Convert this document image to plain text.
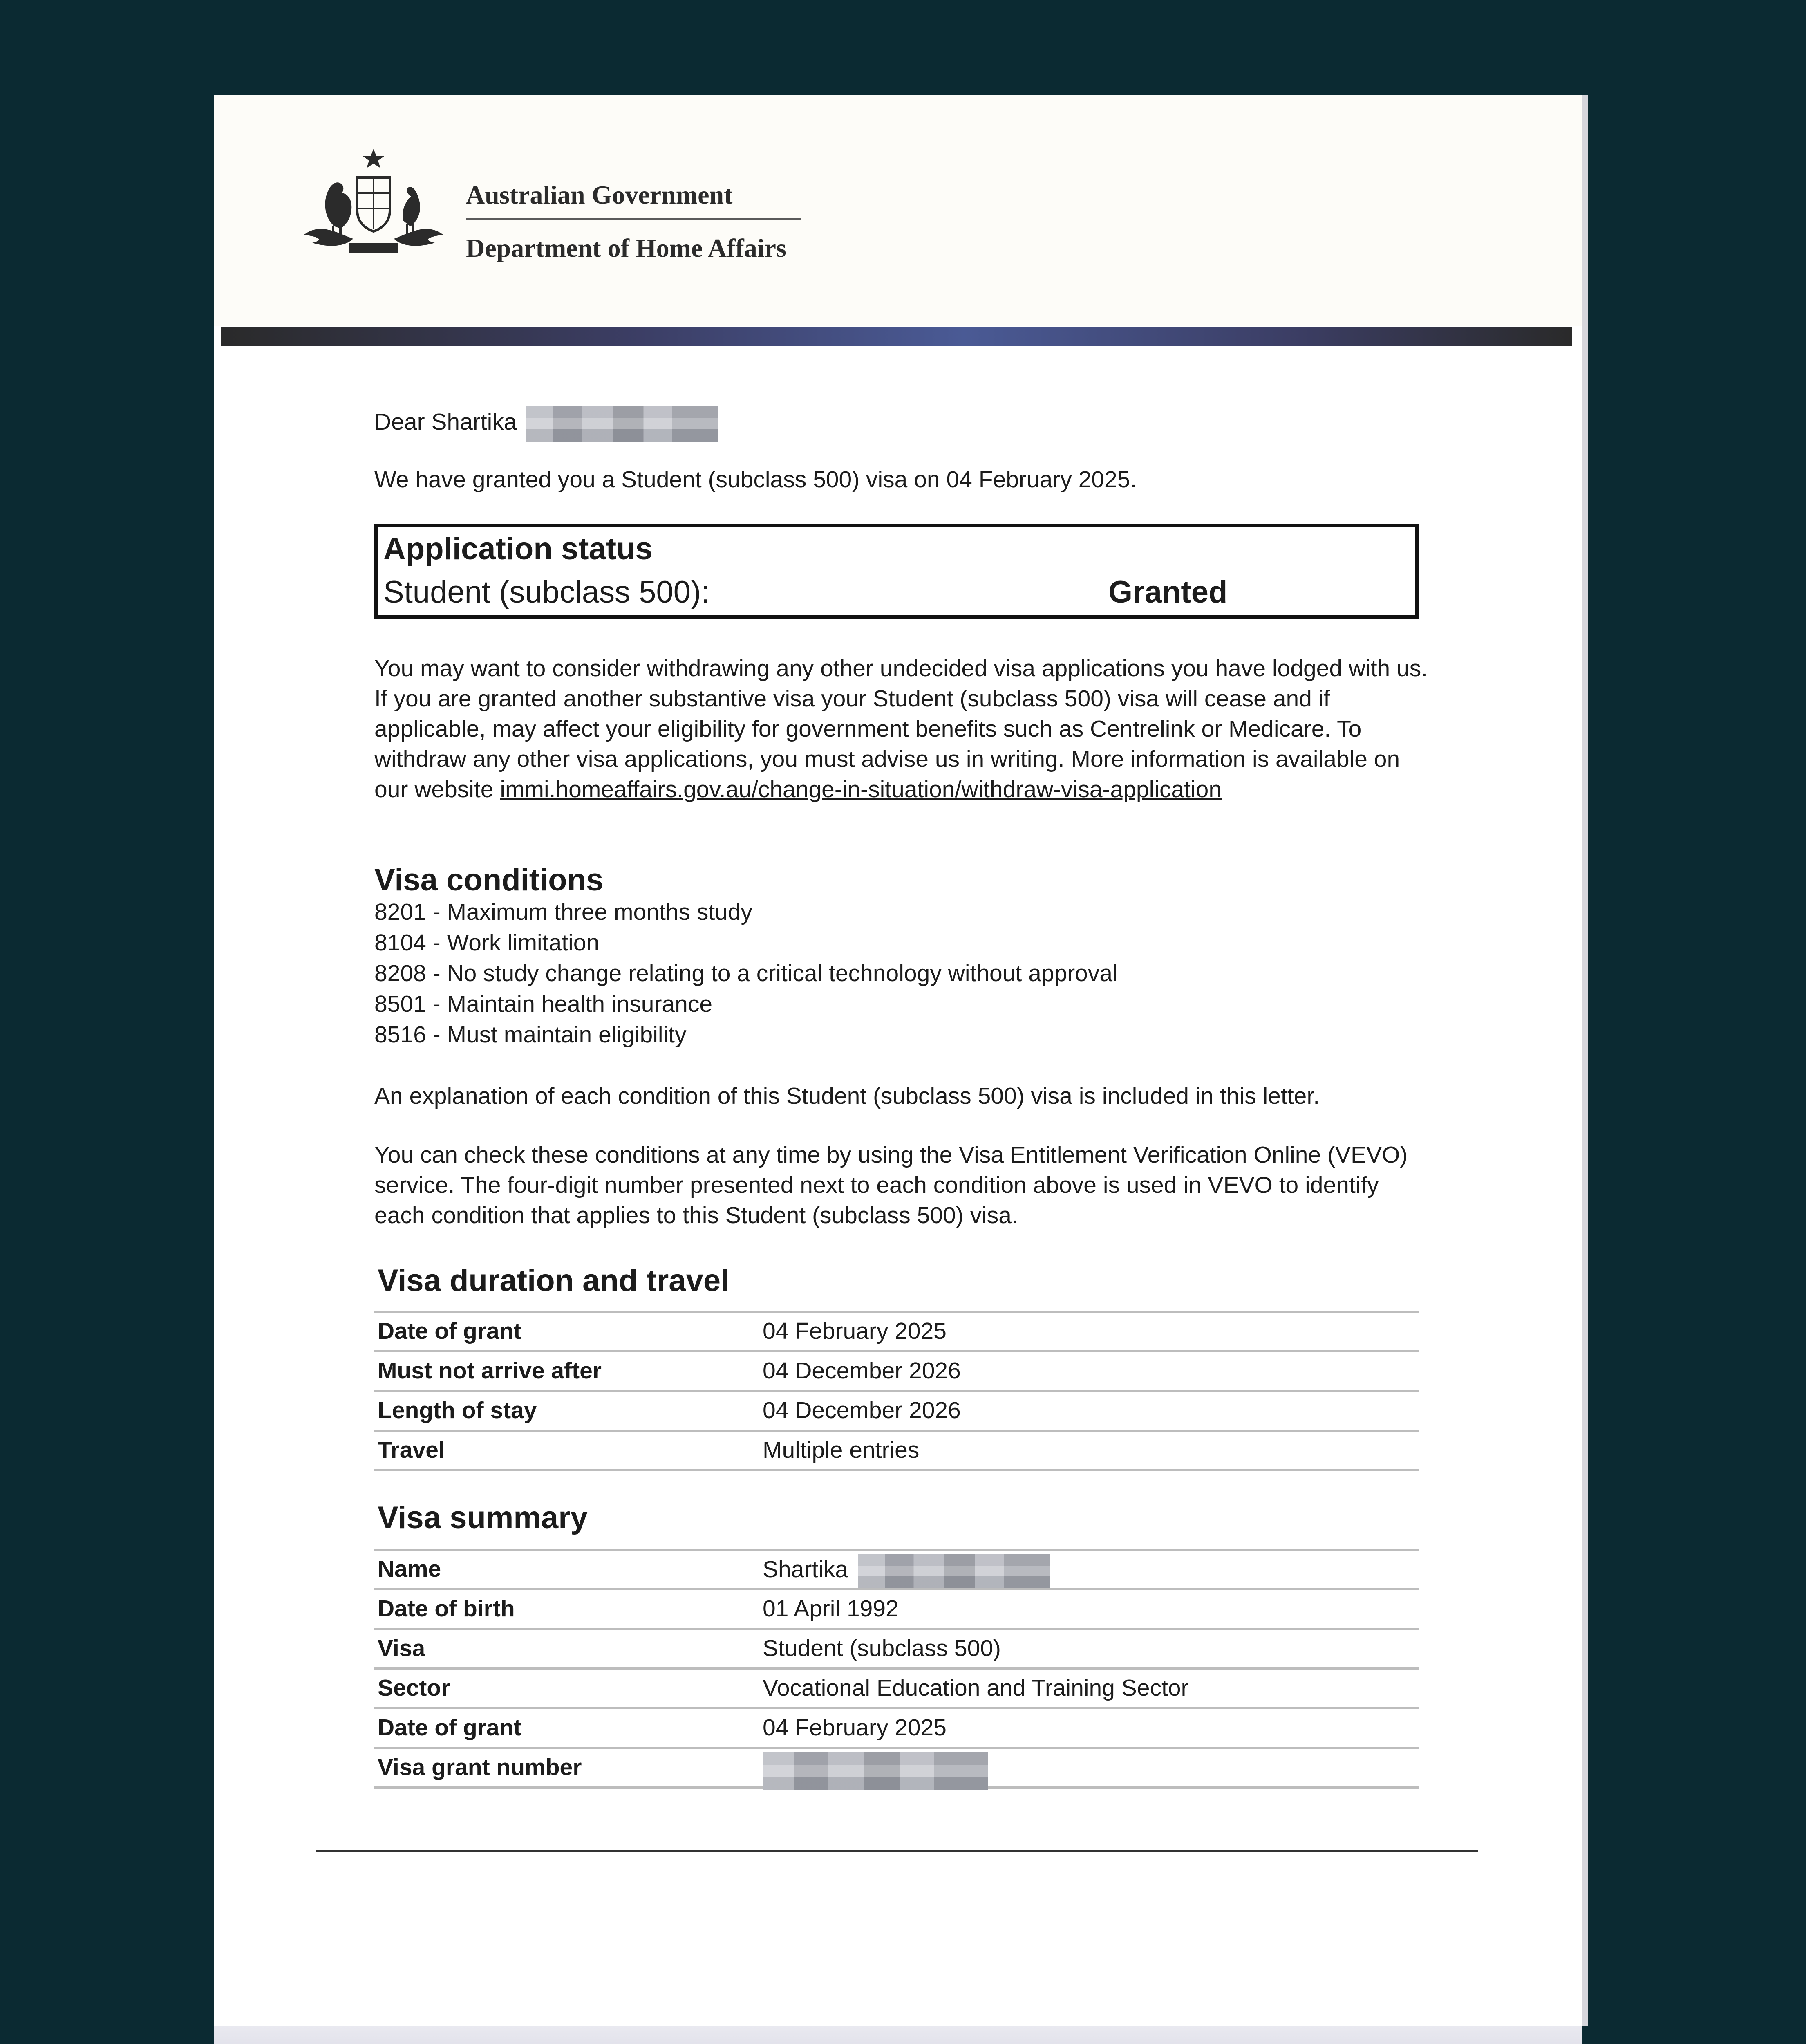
Australian Government
Department of Home Affairs
Dear Shartika
We have granted you a Student (subclass 500) visa on 04 February 2025.
Application status
Student (subclass 500):	Granted
You may want to consider withdrawing any other undecided visa applications you have lodged with us. If you are granted another substantive visa your Student (subclass 500) visa will cease and if applicable, may affect your eligibility for government benefits such as Centrelink or Medicare. To withdraw any other visa applications, you must advise us in writing. More information is available on our website immi.homeaffairs.gov.au/change-in-situation/withdraw-visa-application
Visa conditions
8201 - Maximum three months study
8104 - Work limitation
8208 - No study change relating to a critical technology without approval
8501 - Maintain health insurance
8516 - Must maintain eligibility
An explanation of each condition of this Student (subclass 500) visa is included in this letter.
You can check these conditions at any time by using the Visa Entitlement Verification Online (VEVO) service. The four-digit number presented next to each condition above is used in VEVO to identify each condition that applies to this Student (subclass 500) visa.
Visa duration and travel
Date of grant	04 February 2025
Must not arrive after	04 December 2026
Length of stay	04 December 2026
Travel	Multiple entries
Visa summary
Name	Shartika
Date of birth	01 April 1992
Visa	Student (subclass 500)
Sector	Vocational Education and Training Sector
Date of grant	04 February 2025
Visa grant number
